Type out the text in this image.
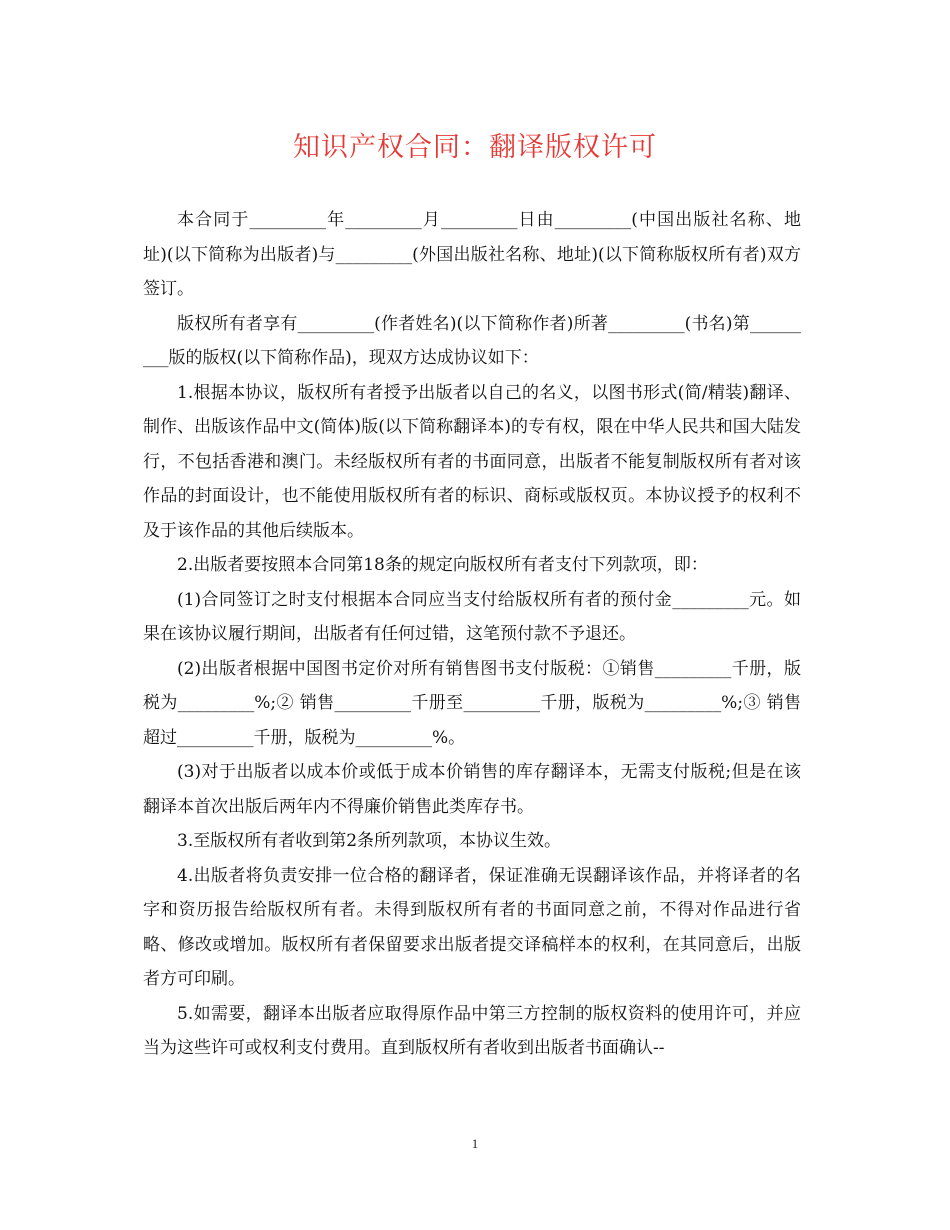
知识产权合同：翻译版权许可

本合同于_________年_________月_________日由_________(中国出版社名称、地址)(以下简称为出版者)与_________(外国出版社名称、地址)(以下简称版权所有者)双方签订。

版权所有者享有_________(作者姓名)(以下简称作者)所著_________(书名)第_________版的版权(以下简称作品)，现双方达成协议如下：

1.根据本协议，版权所有者授予出版者以自己的名义，以图书形式(简/精装)翻译、制作、出版该作品中文(简体)版(以下简称翻译本)的专有权，限在中华人民共和国大陆发行，不包括香港和澳门。未经版权所有者的书面同意，出版者不能复制版权所有者对该作品的封面设计，也不能使用版权所有者的标识、商标或版权页。本协议授予的权利不及于该作品的其他后续版本。

2.出版者要按照本合同第18条的规定向版权所有者支付下列款项，即：

(1)合同签订之时支付根据本合同应当支付给版权所有者的预付金_________元。如果在该协议履行期间，出版者有任何过错，这笔预付款不予退还。

(2)出版者根据中国图书定价对所有销售图书支付版税：①销售_________千册，版税为_________%;② 销售_________千册至_________千册，版税为_________%;③ 销售超过_________千册，版税为_________%。

(3)对于出版者以成本价或低于成本价销售的库存翻译本，无需支付版税;但是在该翻译本首次出版后两年内不得廉价销售此类库存书。

3.至版权所有者收到第2条所列款项，本协议生效。

4.出版者将负责安排一位合格的翻译者，保证准确无误翻译该作品，并将译者的名字和资历报告给版权所有者。未得到版权所有者的书面同意之前，不得对作品进行省略、修改或增加。版权所有者保留要求出版者提交译稿样本的权利，在其同意后，出版者方可印刷。

5.如需要，翻译本出版者应取得原作品中第三方控制的版权资料的使用许可，并应当为这些许可或权利支付费用。直到版权所有者收到出版者书面确认--

1
